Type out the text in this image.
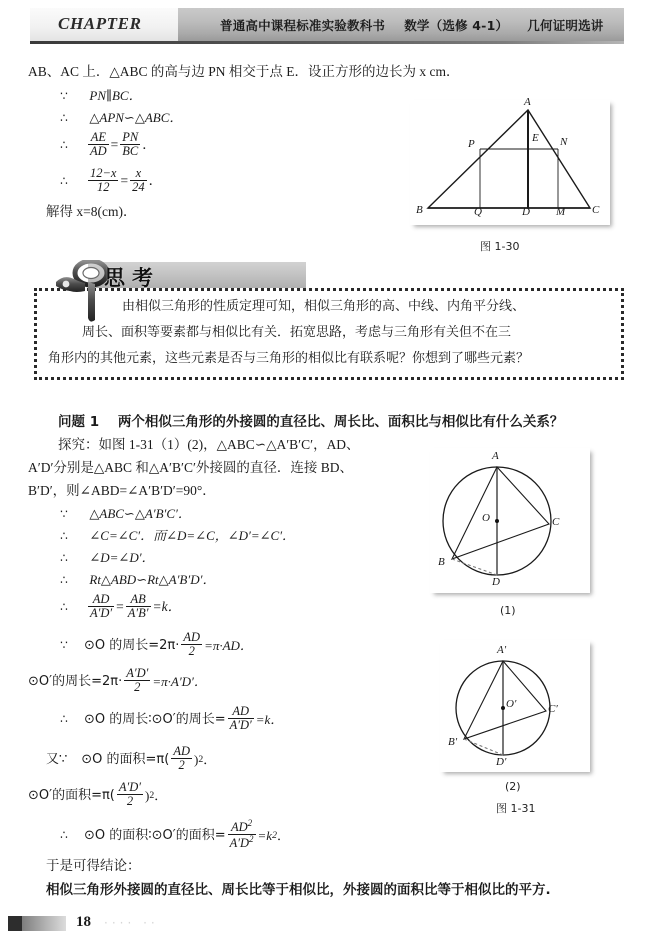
CHAPTER	普通高中课程标准实验教科书 数学（选修 4-1） 几何证明选讲
AB、AC 上．△ABC 的高与边 PN 相交于点 E．设正方形的边长为 x cm．
∵ PN∥BC．
∴ △APN∽△ABC．
∴	$\frac{AE}{AD} = \frac{PN}{BC}$ ．
∴	$\frac{12-x}{12} = \frac{x}{24}$ ．
解得 x=8(cm)．
A
B	C
P	N
E
Q	D M
图 1-30
思考

由相似三角形的性质定理可知，相似三角形的高、中线、内角平分线、

周长、面积等要素都与相似比有关．拓宽思路，考虑与三角形有关但不在三

角形内的其他元素，这些元素是否与三角形的相似比有联系呢？你想到了哪些元素？

问题 1 两个相似三角形的外接圆的直径比、周长比、面积比与相似比有什么关系？
探究：如图 1-31（1）(2)，△ABC∽△A′B′C′，AD、
A′D′分别是△ABC 和△A′B′C′外接圆的直径．连接 BD、
B′D′，则∠ABD=∠A′B′D′=90°．
∵ △ABC∽△A′B′C′．
∴ ∠C=∠C′．而∠D=∠C，∠D′=∠C′．
∴ ∠D=∠D′．
∴ Rt△ABD∽Rt△A′B′D′．
∴	$\frac{AD}{A'D'} = \frac{AB}{A'B'} =k$．
∵	⊙O 的周长$=2\pi\cdot \frac{AD}{2} =\pi\cdot AD$．
⊙O′的周长$=2\pi\cdot \frac{A'D'}{2} =\pi\cdot A'D'$．
∴	⊙O 的周长∶⊙O′的周长= $\frac{AD}{A'D'} =k$．
又∵ ⊙O 的面积$=\pi( \frac{AD}{2}$ ) 2 ．
⊙O′的面积$=\pi( \frac{A'D'}{2}$ ) 2 ．
∴	⊙O 的面积∶⊙O′的面积= $\frac{AD^2}{A'D^2} =k$ 2 ．
A
B
C
D
O
(1)
A′
B′
C′
D′
O′
(2)
图 1-31
于是可得结论：
相似三角形外接圆的直径比、周长比等于相似比，外接圆的面积比等于相似比的平方.
18 ···· ··
